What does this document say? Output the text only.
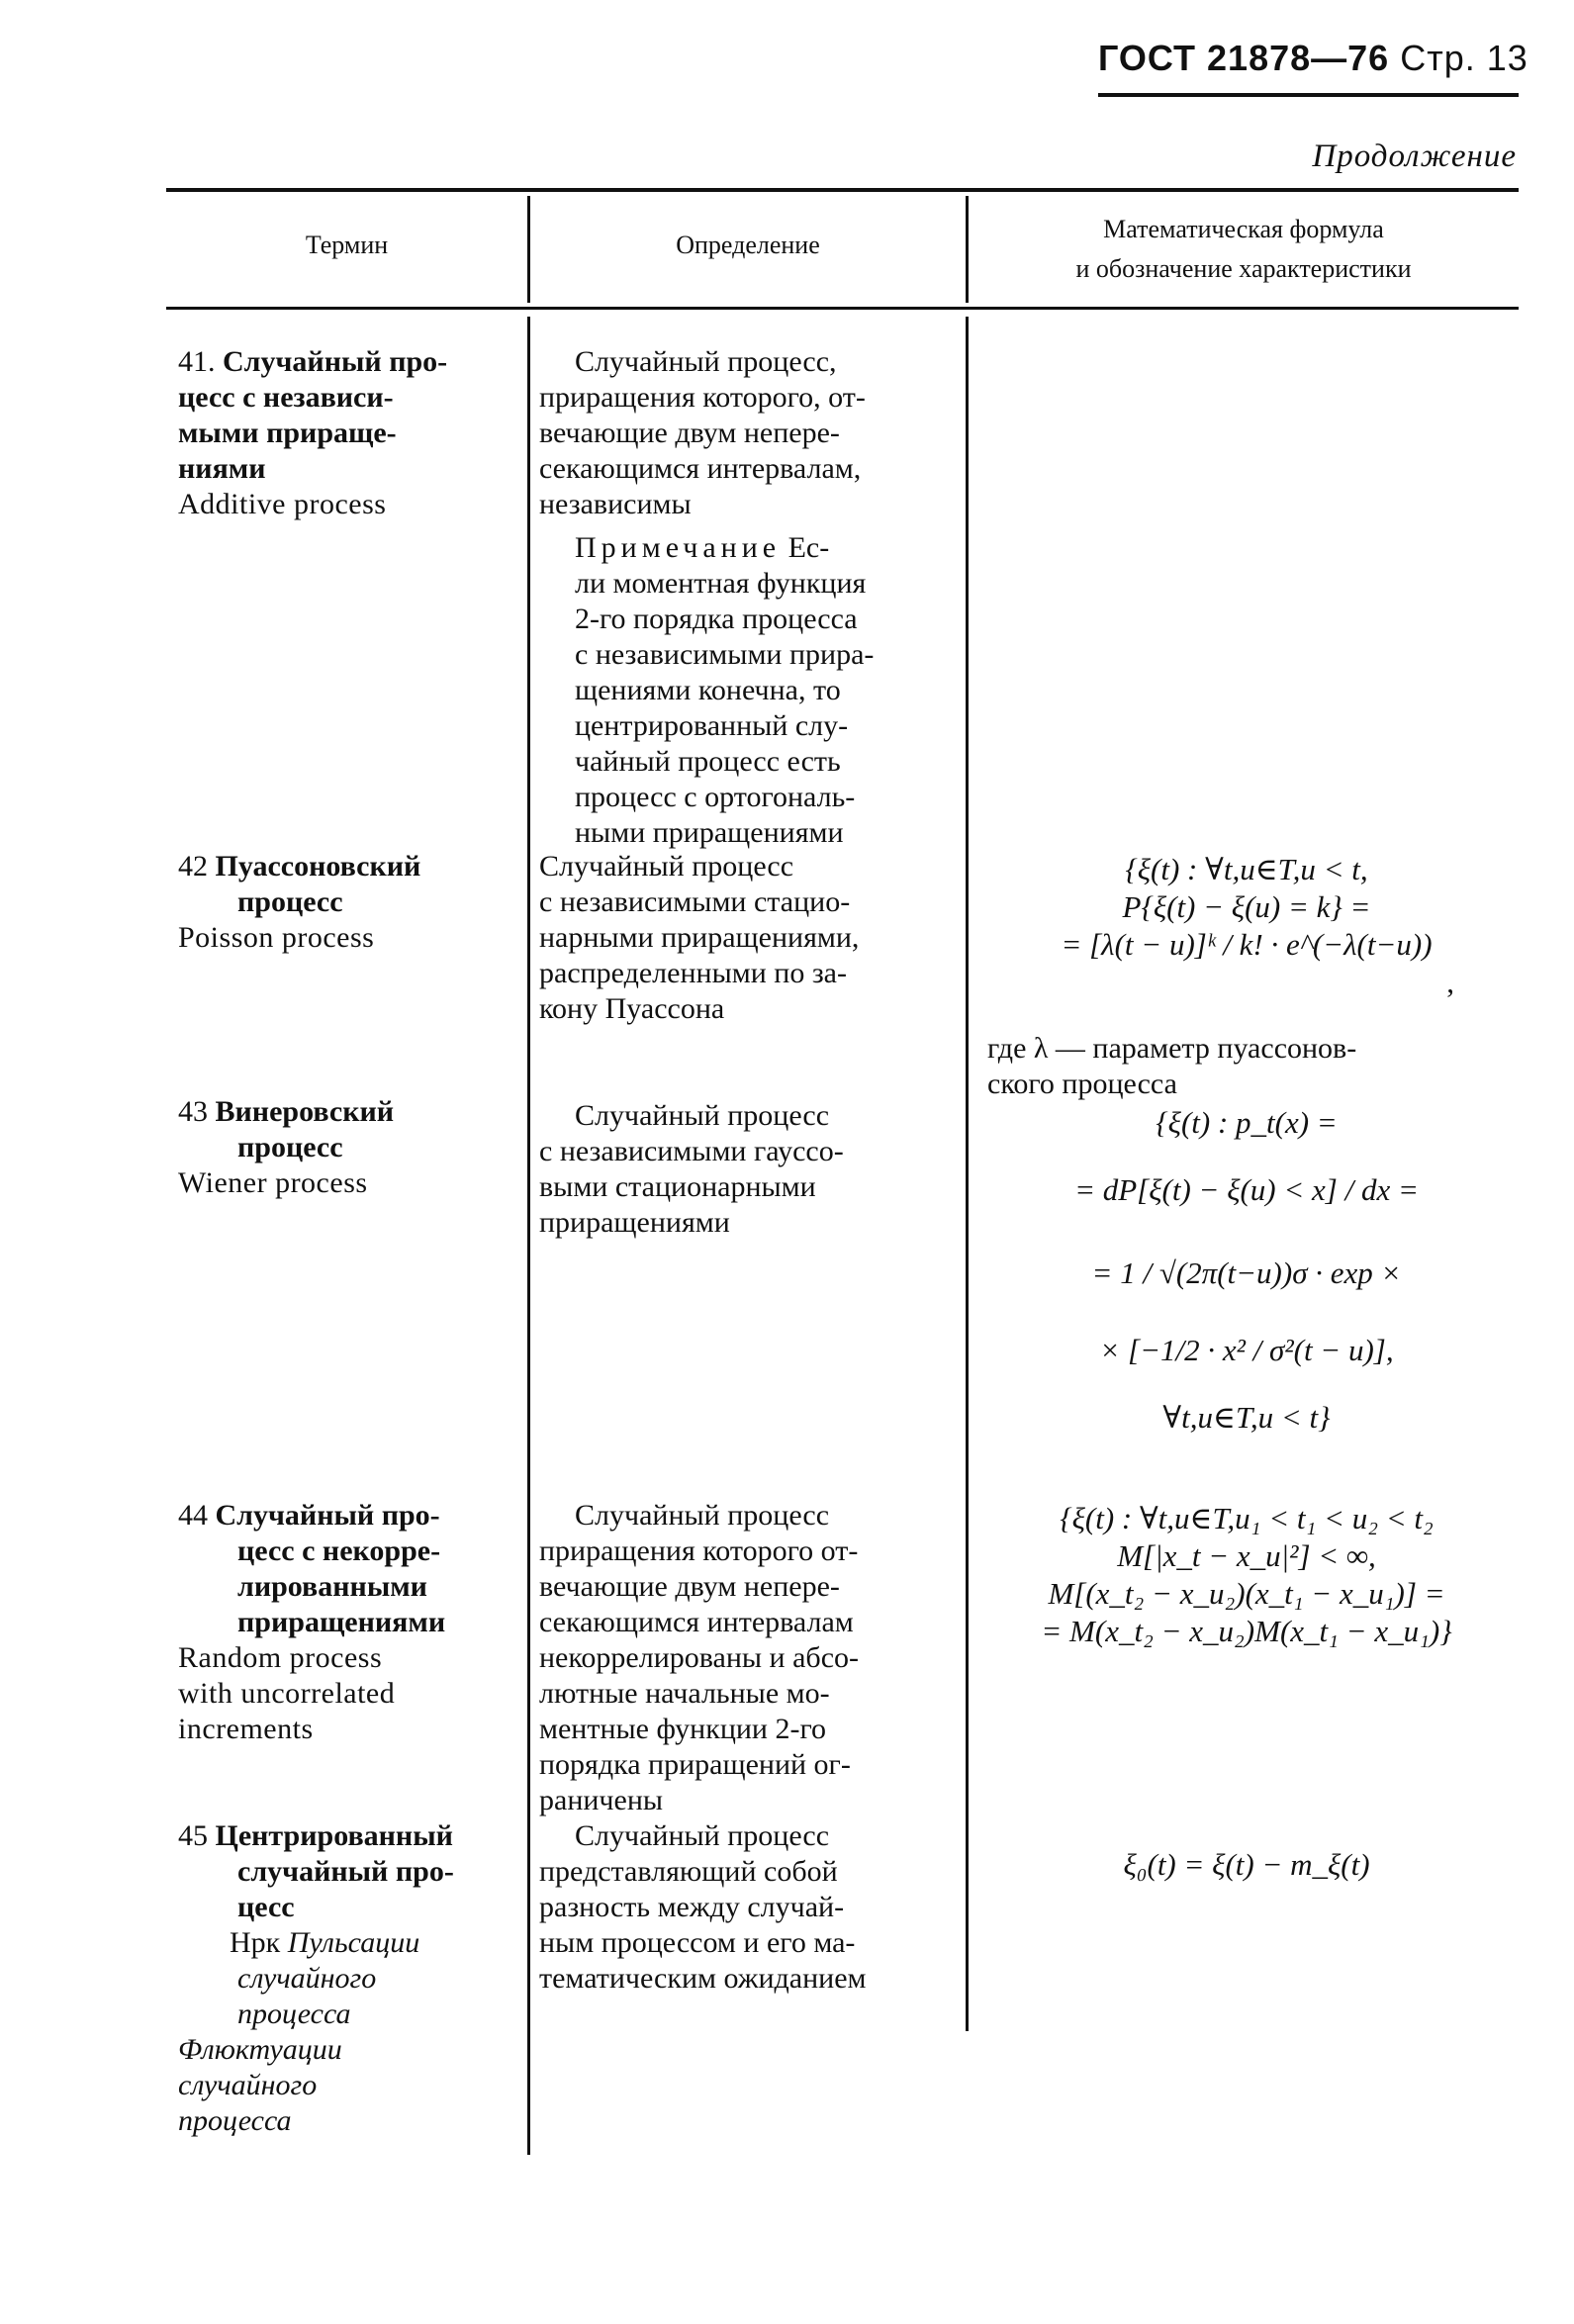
ГОСТ 21878—76 Стр. 13
Продолжение
Термин	Определение
Математическая формула
и обозначение характеристики
41. Случайный про-
цесс с независи-
мыми прираще-
ниями
Additive process
Случайный процесс,
приращения которого, от-
вечающие двум непере-
секающимся интервалам,
независимы
Примечание Ес-
ли моментная функция
2-го порядка процесса
с независимыми прира-
щениями конечна, то
центрированный слу-
чайный процесс есть
процесс с ортогональ-
ными приращениями
42 Пуассоновский
процесс
Poisson process
Случайный процесс
с независимыми стацио-
нарными приращениями,
распределенными по за-
кону Пуассона
{ξ(t) : ∀t,u∈T,u < t,
P{ξ(t) − ξ(u) = k} =
= [λ(t − u)]ᵏ / k! · e^(−λ(t−u))
,
где λ — параметр пуассонов-
ского процесса
43 Винеровский
процесс
Wiener process
Случайный процесс
с независимыми гауссо-
выми стационарными
приращениями
{ξ(t) : p_t(x) =
= dP[ξ(t) − ξ(u) < x] / dx =
= 1 / √(2π(t−u))σ · exp ×
× [−1/2 · x² / σ²(t − u)],
∀t,u∈T,u < t}
44 Случайный про-
цесс с некорре-
лированными
приращениями
Random process
with uncorrelated
increments
Случайный процесс
приращения которого от-
вечающие двум непере-
секающимся интервалам
некоррелированы и абсо-
лютные начальные мо-
ментные функции 2-го
порядка приращений ог-
раничены
{ξ(t) : ∀t,u∈T,u₁ < t₁ < u₂ < t₂
M[|x_t − x_u|²] < ∞,
M[(x_t₂ − x_u₂)(x_t₁ − x_u₁)] =
= M(x_t₂ − x_u₂)M(x_t₁ − x_u₁)}
45 Центрированный
случайный про-
цесс
Нрк Пульсации
случайного
процесса
Флюктуации
случайного
процесса
Случайный процесс
представляющий собой
разность между случай-
ным процессом и его ма-
тематическим ожиданием
ξ₀(t) = ξ(t) − m_ξ(t)
